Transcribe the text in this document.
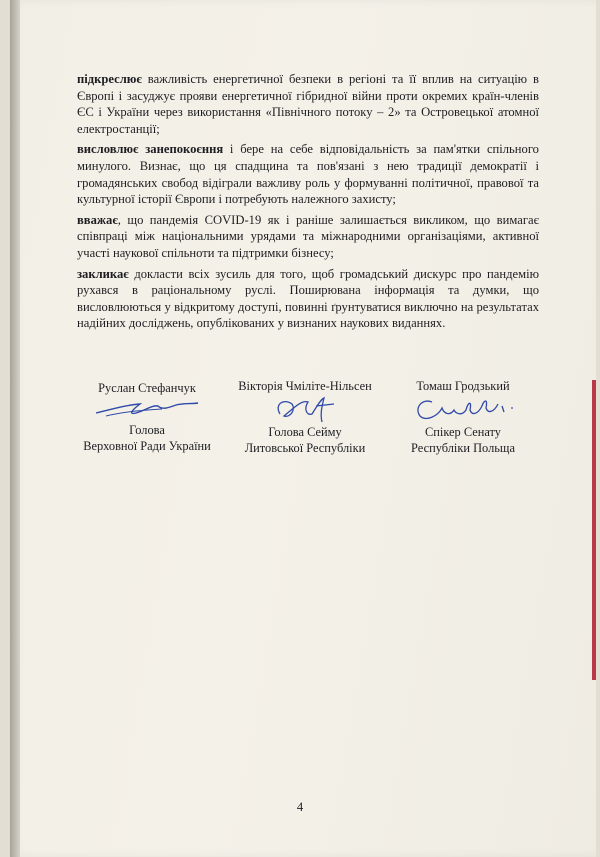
підкреслює важливість енергетичної безпеки в регіоні та її вплив на ситуацію в Європі і засуджує прояви енергетичної гібридної війни проти окремих країн-членів ЄС і України через використання «Північного потоку – 2» та Островецької атомної електростанції;

висловлює занепокоєння і бере на себе відповідальність за пам'ятки спільного минулого. Визнає, що ця спадщина та пов'язані з нею традиції демократії і громадянських свобод відіграли важливу роль у формуванні політичної, правової та культурної історії Європи і потребують належного захисту;

вважає, що пандемія COVID-19 як і раніше залишається викликом, що вимагає співпраці між національними урядами та міжнародними організаціями, активної участі наукової спільноти та підтримки бізнесу;

закликає докласти всіх зусиль для того, щоб громадський дискурс про пандемію рухався в раціональному руслі. Поширювана інформація та думки, що висловлюються у відкритому доступі, повинні ґрунтуватися виключно на результатах надійних досліджень, опублікованих у визнаних наукових виданнях.

Руслан Стефанчук
Голова
Верховної Ради України
Вікторія Чміліте-Нільсен
Голова Сейму
Литовської Республіки
Томаш Гродзький
Спікер Сенату
Республіки Польща
4
